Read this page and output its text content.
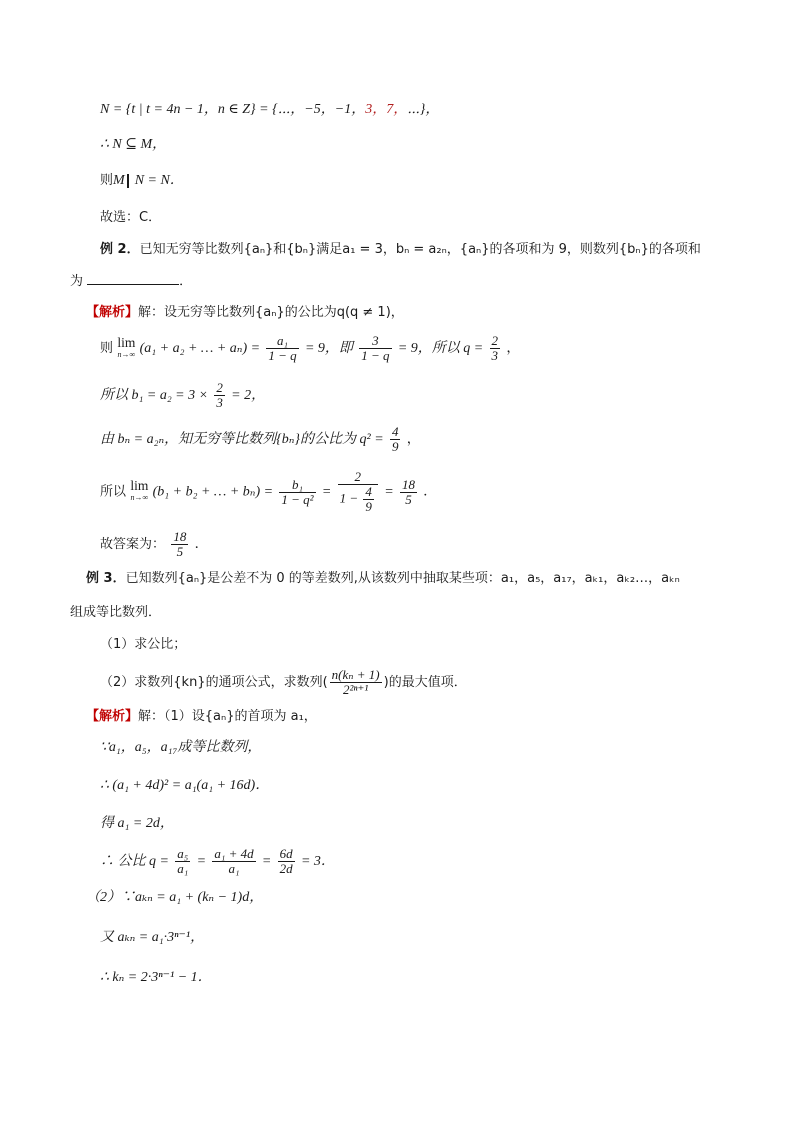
N = {t | t = 4n − 1，n ∈ Z} = {⋯，−5，−1，3，7，⋯}，
∴ N ⊆ M，
则M N = N．
故选：C．
例 2．已知无穷等比数列{aₙ}和{bₙ}满足a₁ = 3，bₙ = a₂ₙ，{aₙ}的各项和为 9，则数列{bₙ}的各项和
为	．
【解析】解：设无穷等比数列{aₙ}的公比为q(q ≠ 1)，
则 lim
n→∞ (a₁ + a₂ + … + $a_n) = \frac{\text{a₁}}{1 - q} = 9$，即 $\frac{3}{1 - q} = 9$，所以 $q = \frac{2}{3}$ ，
所以 $b_1 = a_2 = 3 \times \frac{2}{3} = 2$，
由 bₙ = a₂ₙ，知无穷等比数列{bₙ}的公比为 $q^2 = \frac{4}{9}$ ，
所以 lim
n→∞ (b₁ + b₂ + … + $b_n) = \frac{\text{b₁}}{\text{1 − q²}} = \frac{2}{1 - \frac{4}{9}} = \frac{18}{5}$ ．
故答案为： $\frac{18}{5}$ ．
例 3．已知数列{aₙ}是公差不为 0 的等差数列,从该数列中抽取某些项：a₁，a₅，a₁₇，aₖ₁，aₖ₂…，aₖₙ
组成等比数列．
（1）求公比；
（2）求数列{kn}的通项公式，求数列( $\frac{\text{n(kₙ + 1)}}{\text{2²ⁿ⁺¹}}$ )的最大值项．
【解析】解：（1）设{aₙ}的首项为 a₁，
∵a₁，a₅，a₁₇成等比数列，
∴ (a₁ + 4d)² = a₁(a₁ + 16d)．
得 a₁ = 2d，
∴ 公比 $q = \frac{\text{a₅}}{\text{a₁}} = \frac{\text{a₁ + 4d}}{\text{a₁}} = \frac{6d}{2d} = 3$．
（2）∵aₖₙ = a₁ + (kₙ − 1)d，
又 aₖₙ = a₁·3ⁿ⁻¹，
∴ kₙ = 2·3ⁿ⁻¹ − 1．
